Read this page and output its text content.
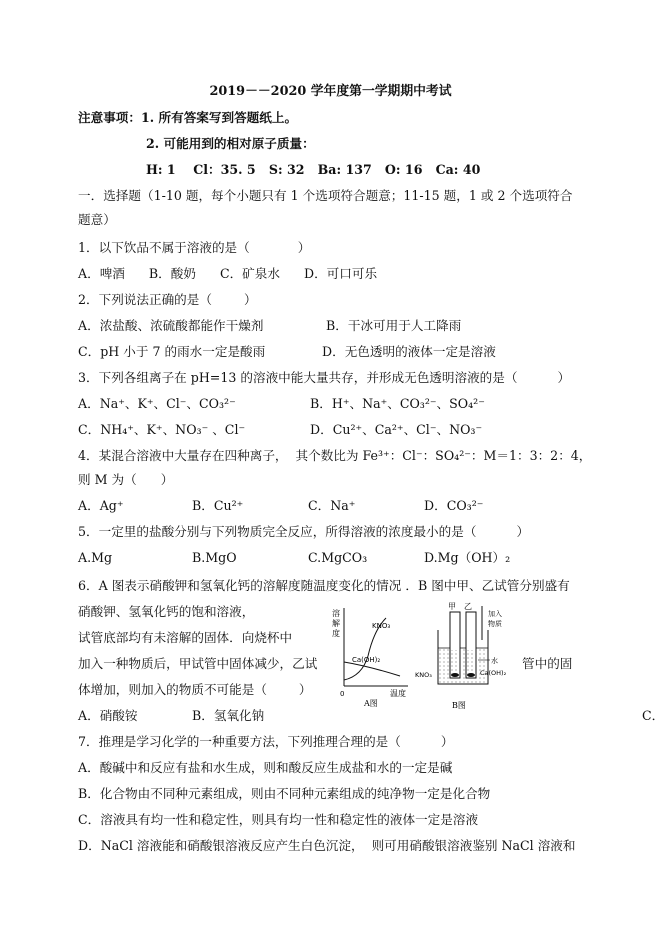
2019－－2020 学年度第一学期期中考试
注意事项：1. 所有答案写到答题纸上。
2. 可能用到的相对原子质量：
H: 1    Cl：35. 5   S: 32   Ba: 137   O: 16   Ca: 40
一．选择题（1-10 题，每个小题只有 1 个选项符合题意；11-15 题，1 或 2 个选项符合
题意）
1．以下饮品不属于溶液的是（            ）
A．啤酒      B．酸奶      C．矿泉水      D．可口可乐
2．下列说法正确的是（        ）
A．浓盐酸、浓硫酸都能作干燥剂	B．干冰可用于人工降雨
C．pH 小于 7 的雨水一定是酸雨	D．无色透明的液体一定是溶液
3．下列各组离子在 pH=13 的溶液中能大量共存，并形成无色透明溶液的是（          ）
A．Na⁺、K⁺、Cl⁻、CO₃²⁻	B．H⁺、Na⁺、CO₃²⁻、SO₄²⁻
C．NH₄⁺、K⁺、NO₃⁻ 、Cl⁻	D．Cu²⁺、Ca²⁺、Cl⁻、NO₃⁻
4．某混合溶液中大量存在四种离子，  其个数比为 Fe³⁺：Cl⁻：SO₄²⁻：M＝1：3：2：4，
则 M 为（      ）
A．Ag⁺	B．Cu²⁺	C．Na⁺	D．CO₃²⁻
5．一定里的盐酸分别与下列物质完全反应，所得溶液的浓度最小的是（          ）
A.Mg	B.MgO	C.MgCO₃	D.Mg（OH）₂
6．A 图表示硝酸钾和氢氧化钙的溶解度随温度变化的情况 ．B 图中甲、乙试管分别盛有
硝酸钾、氢氧化钙的饱和溶液，
试管底部均有未溶解的固体．向烧杯中
加入一种物质后，甲试管中固体减少，乙试	管中的固
体增加，则加入的物质不可能是（        ）
A．硝酸铵	B．氢氧化钠	C．
溶
解
度
KNO₃
Ca(OH)₂
0	温度
A图
甲 乙
加入
物质
水
KNO₃	Ca(OH)₂
B图
7．推理是学习化学的一种重要方法，下列推理合理的是（          ）
A．酸碱中和反应有盐和水生成，则和酸反应生成盐和水的一定是碱
B．化合物由不同种元素组成，则由不同种元素组成的纯净物一定是化合物
C．溶液具有均一性和稳定性，则具有均一性和稳定性的液体一定是溶液
D．NaCl 溶液能和硝酸银溶液反应产生白色沉淀，  则可用硝酸银溶液鉴别 NaCl 溶液和
